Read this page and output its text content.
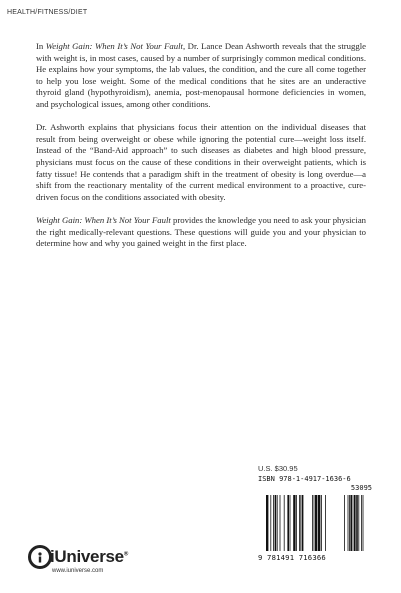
HEALTH/FITNESS/DIET

In Weight Gain: When It’s Not Your Fault, Dr. Lance Dean Ashworth reveals that the struggle with weight is, in most cases, caused by a number of surprisingly common medical conditions. He explains how your symptoms, the lab values, the condition, and the cure all come together to help you lose weight. Some of the medical conditions that he sites are an underactive thyroid gland (hypothyroidism), anemia, post-menopausal hormone deficiencies in women, and psychological issues, among other conditions.

Dr. Ashworth explains that physicians focus their attention on the individual diseases that result from being overweight or obese while ignoring the potential cure—weight loss itself. Instead of the “Band-Aid approach” to such diseases as diabetes and high blood pressure, physicians must focus on the cause of these conditions in their overweight patients, which is fatty tissue! He contends that a paradigm shift in the treatment of obesity is long overdue—a shift from the reactionary mentality of the current medical environment to a proactive, cure-driven focus on the conditions associated with obesity.

Weight Gain: When It’s Not Your Fault provides the knowledge you need to ask your physician the right medically-relevant questions. These questions will guide you and your physician to determine how and why you gained weight in the first place.

U.S. $30.95
ISBN 978-1-4917-1636-6
53095
9 781491 716366
iUniverse®
www.iuniverse.com
